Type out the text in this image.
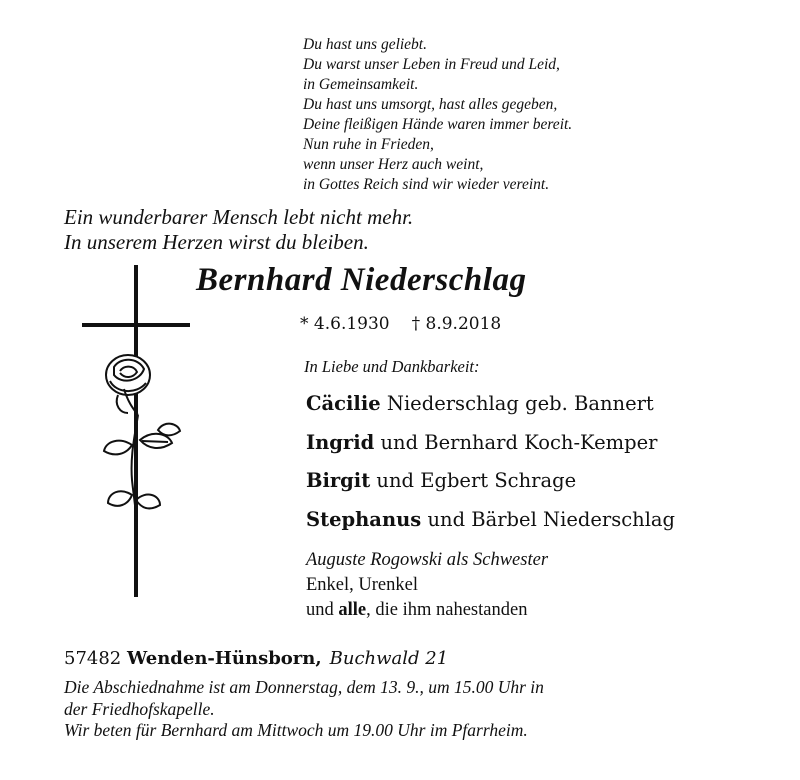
Du hast uns geliebt.
Du warst unser Leben in Freud und Leid,
in Gemeinsamkeit.
Du hast uns umsorgt, hast alles gegeben,
Deine fleißigen Hände waren immer bereit.
Nun ruhe in Frieden,
wenn unser Herz auch weint,
in Gottes Reich sind wir wieder vereint.
Ein wunderbarer Mensch lebt nicht mehr.
In unserem Herzen wirst du bleiben.
Bernhard Niederschlag
* 4.6.1930 † 8.9.2018
In Liebe und Dankbarkeit:
Cäcilie Niederschlag geb. Bannert
Ingrid und Bernhard Koch-Kemper
Birgit und Egbert Schrage
Stephanus und Bärbel Niederschlag
Auguste Rogowski als Schwester
Enkel, Urenkel
und alle, die ihm nahestanden
57482 Wenden-Hünsborn, Buchwald 21
Die Abschiednahme ist am Donnerstag, dem 13. 9., um 15.00 Uhr in
der Friedhofskapelle.
Wir beten für Bernhard am Mittwoch um 19.00 Uhr im Pfarrheim.
